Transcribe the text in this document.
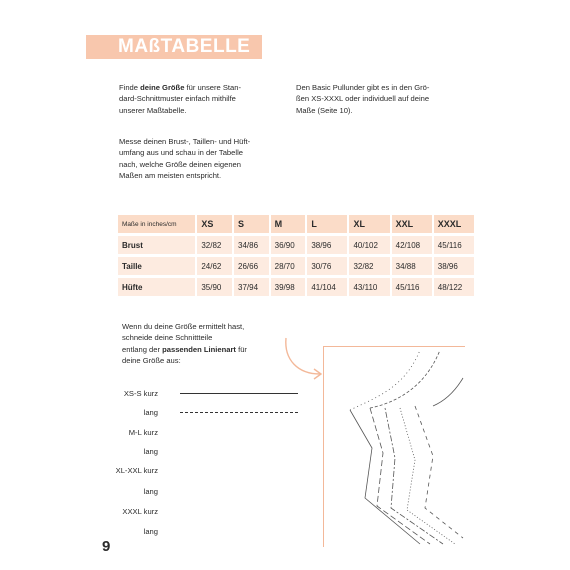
MAßTABELLE
Finde deine Größe für unsere Stan-
dard-Schnittmuster einfach mithilfe
unserer Maßtabelle.
Messe deinen Brust-, Taillen- und Hüft-
umfang aus und schau in der Tabelle
nach, welche Größe deinen eigenen
Maßen am meisten entspricht.
Den Basic Pullunder gibt es in den Grö-
ßen XS-XXXL oder individuell auf deine
Maße (Seite 10).
Maße in inches/cm	XS	S	M	L	XL	XXL	XXXL
Brust	32/82	34/86	36/90	38/96	40/102	42/108	45/116
Taille	24/62	26/66	28/70	30/76	32/82	34/88	38/96
Hüfte	35/90	37/94	39/98	41/104	43/110	45/116	48/122
Wenn du deine Größe ermittelt hast,
schneide deine Schnittteile
entlang der passenden Linienart für
deine Größe aus:
XS-S kurz
lang
M-L kurz
lang
XL-XXL kurz
lang
XXXL kurz
lang
9
